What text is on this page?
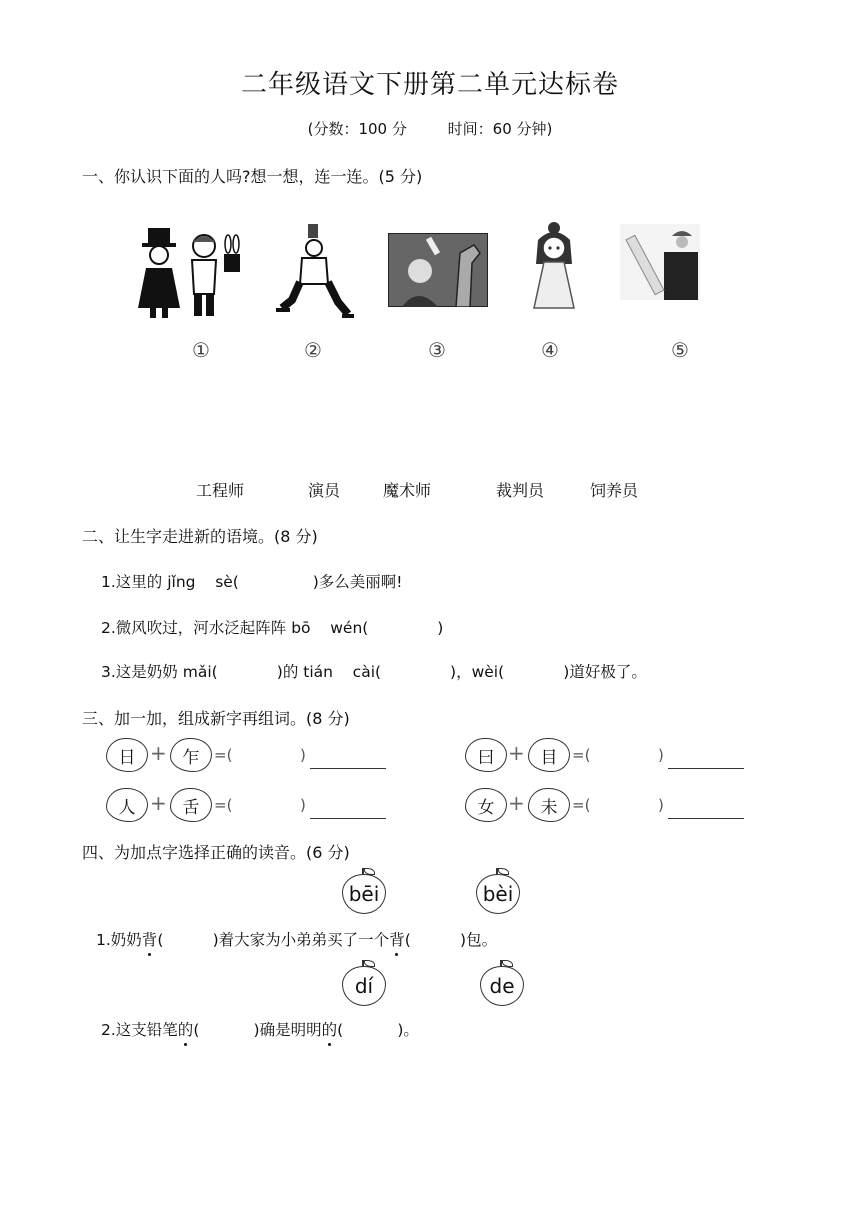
二年级语文下册第二单元达标卷
(分数：100 分	时间：60 分钟)
一、你认识下面的人吗?想一想，连一连。(5 分)
①	②	③	④	⑤
工程师	演员	魔术师	裁判员	饲养员
二、让生字走进新的语境。(8 分)
1.这里的 jǐng    sè(               )多么美丽啊!
2.微风吹过，河水泛起阵阵 bō    wén(              )
3.这是奶奶 mǎi(            )的 tián    cài(              )，wèi(            )道好极了。
三、加一加，组成新字再组词。(8 分)
日 + 乍 =(	)	曰 + 目 =(	)
人 + 舌 =(	)	女 + 未 =(	)
四、为加点字选择正确的读音。(6 分)
bēi	bèi
1.奶奶背(          )着大家为小弟弟买了一个背(          )包。
dí	de
2.这支铅笔的(           )确是明明的(           )。
